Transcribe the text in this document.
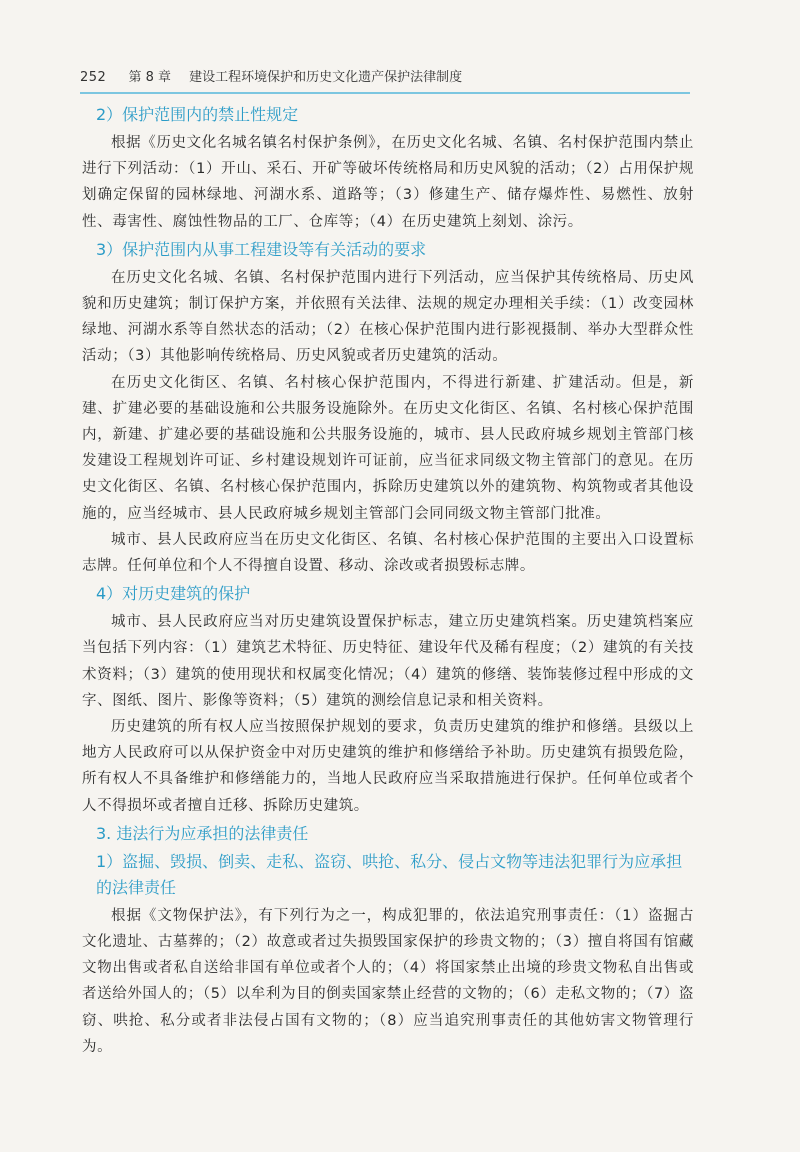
252 第 8 章 建设工程环境保护和历史文化遗产保护法律制度
2）保护范围内的禁止性规定

根据《历史文化名城名镇名村保护条例》，在历史文化名城、名镇、名村保护范围内禁止进行下列活动：（1）开山、采石、开矿等破坏传统格局和历史风貌的活动；（2）占用保护规划确定保留的园林绿地、河湖水系、道路等；（3）修建生产、储存爆炸性、易燃性、放射性、毒害性、腐蚀性物品的工厂、仓库等；（4）在历史建筑上刻划、涂污。

3）保护范围内从事工程建设等有关活动的要求

在历史文化名城、名镇、名村保护范围内进行下列活动，应当保护其传统格局、历史风貌和历史建筑；制订保护方案，并依照有关法律、法规的规定办理相关手续：（1）改变园林绿地、河湖水系等自然状态的活动；（2）在核心保护范围内进行影视摄制、举办大型群众性活动；（3）其他影响传统格局、历史风貌或者历史建筑的活动。

在历史文化街区、名镇、名村核心保护范围内，不得进行新建、扩建活动。但是，新建、扩建必要的基础设施和公共服务设施除外。在历史文化街区、名镇、名村核心保护范围内，新建、扩建必要的基础设施和公共服务设施的，城市、县人民政府城乡规划主管部门核发建设工程规划许可证、乡村建设规划许可证前，应当征求同级文物主管部门的意见。在历史文化街区、名镇、名村核心保护范围内，拆除历史建筑以外的建筑物、构筑物或者其他设施的，应当经城市、县人民政府城乡规划主管部门会同同级文物主管部门批准。

城市、县人民政府应当在历史文化街区、名镇、名村核心保护范围的主要出入口设置标志牌。任何单位和个人不得擅自设置、移动、涂改或者损毁标志牌。

4）对历史建筑的保护

城市、县人民政府应当对历史建筑设置保护标志，建立历史建筑档案。历史建筑档案应当包括下列内容：（1）建筑艺术特征、历史特征、建设年代及稀有程度；（2）建筑的有关技术资料；（3）建筑的使用现状和权属变化情况；（4）建筑的修缮、装饰装修过程中形成的文字、图纸、图片、影像等资料；（5）建筑的测绘信息记录和相关资料。

历史建筑的所有权人应当按照保护规划的要求，负责历史建筑的维护和修缮。县级以上地方人民政府可以从保护资金中对历史建筑的维护和修缮给予补助。历史建筑有损毁危险，所有权人不具备维护和修缮能力的，当地人民政府应当采取措施进行保护。任何单位或者个人不得损坏或者擅自迁移、拆除历史建筑。

3. 违法行为应承担的法律责任
1）盗掘、毁损、倒卖、走私、盗窃、哄抢、私分、侵占文物等违法犯罪行为应承担的法律责任

根据《文物保护法》，有下列行为之一，构成犯罪的，依法追究刑事责任：（1）盗掘古文化遗址、古墓葬的；（2）故意或者过失损毁国家保护的珍贵文物的；（3）擅自将国有馆藏文物出售或者私自送给非国有单位或者个人的；（4）将国家禁止出境的珍贵文物私自出售或者送给外国人的；（5）以牟利为目的倒卖国家禁止经营的文物的；（6）走私文物的；（7）盗窃、哄抢、私分或者非法侵占国有文物的；（8）应当追究刑事责任的其他妨害文物管理行为。
